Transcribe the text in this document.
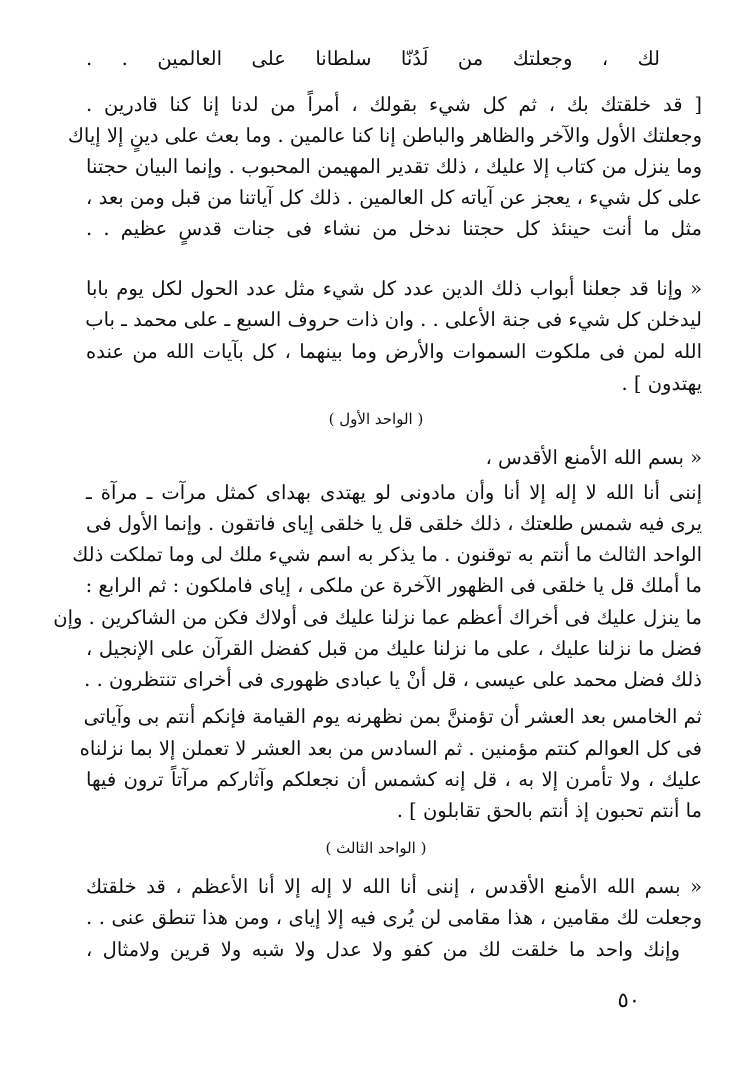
لك ، وجعلتك من لَدُنّا سلطانا على العالمين . .
[ قد خلقتك بك ، ثم كل شيء بقولك ، أمراً من لدنا إنا كنا قادرين .
وجعلتك الأول والآخر والظاهر والباطن إنا كنا عالمين . وما بعث على دينٍ إلا إياك
وما ينزل من كتاب إلا عليك ، ذلك تقدير المهيمن المحبوب . وإنما البيان حجتنا
على كل شيء ، يعجز عن آياته كل العالمين . ذلك كل آياتنا من قبل ومن بعد ،
مثل ما أنت حينئذ كل حجتنا ندخل من نشاء فى جنات قدسٍ عظيم . .
« وإنا قد جعلنا أبواب ذلك الدين عدد كل شيء مثل عدد الحول لكل يوم بابا
ليدخلن كل شيء فى جنة الأعلى . . وان ذات حروف السبع ـ على محمد ـ باب
الله لمن فى ملكوت السموات والأرض وما بينهما ، كل بآيات الله من عنده
يهتدون ] .
( الواحد الأول )
« بسم الله الأمنع الأقدس ،
إننى أنا الله لا إله إلا أنا وأن مادونى لو يهتدى بهداى كمثل مرآت ـ مرآة ـ
يرى فيه شمس طلعتك ، ذلك خلقى قل يا خلقى إياى فاتقون . وإنما الأول فى
الواحد الثالث ما أنتم به توقنون . ما يذكر به اسم شيء ملك لى وما تملكت ذلك
ما أملك قل يا خلقى فى الظهور الآخرة عن ملكى ، إياى فاملكون : ثم الرابع :
ما ينزل عليك فى أخراك أعظم عما نزلنا عليك فى أولاك فكن من الشاكرين . وإن
فضل ما نزلنا عليك ، على ما نزلنا عليك من قبل كفضل القرآن على الإنجيل ،
ذلك فضل محمد على عيسى ، قل أنْ يا عبادى ظهورى فى أخراى تنتظرون . .
ثم الخامس بعد العشر أن تؤمننَّ بمن نظهرنه يوم القيامة فإنكم أنتم بى وآياتى
فى كل العوالم كنتم مؤمنين . ثم السادس من بعد العشر لا تعملن إلا بما نزلناه
عليك ، ولا تأمرن إلا به ، قل إنه كشمس أن نجعلكم وآثاركم مرآتاً ترون فيها
ما أنتم تحبون إذ أنتم بالحق تقابلون ] .
( الواحد الثالث )
« بسم الله الأمنع الأقدس ، إننى أنا الله لا إله إلا أنا الأعظم ، قد خلقتك
وجعلت لك مقامين ، هذا مقامى لن يُرى فيه إلا إياى ، ومن هذا تنطق عنى . .
وإنك واحد ما خلقت لك من كفو ولا عدل ولا شبه ولا قرين ولامثال ،
٥٠
